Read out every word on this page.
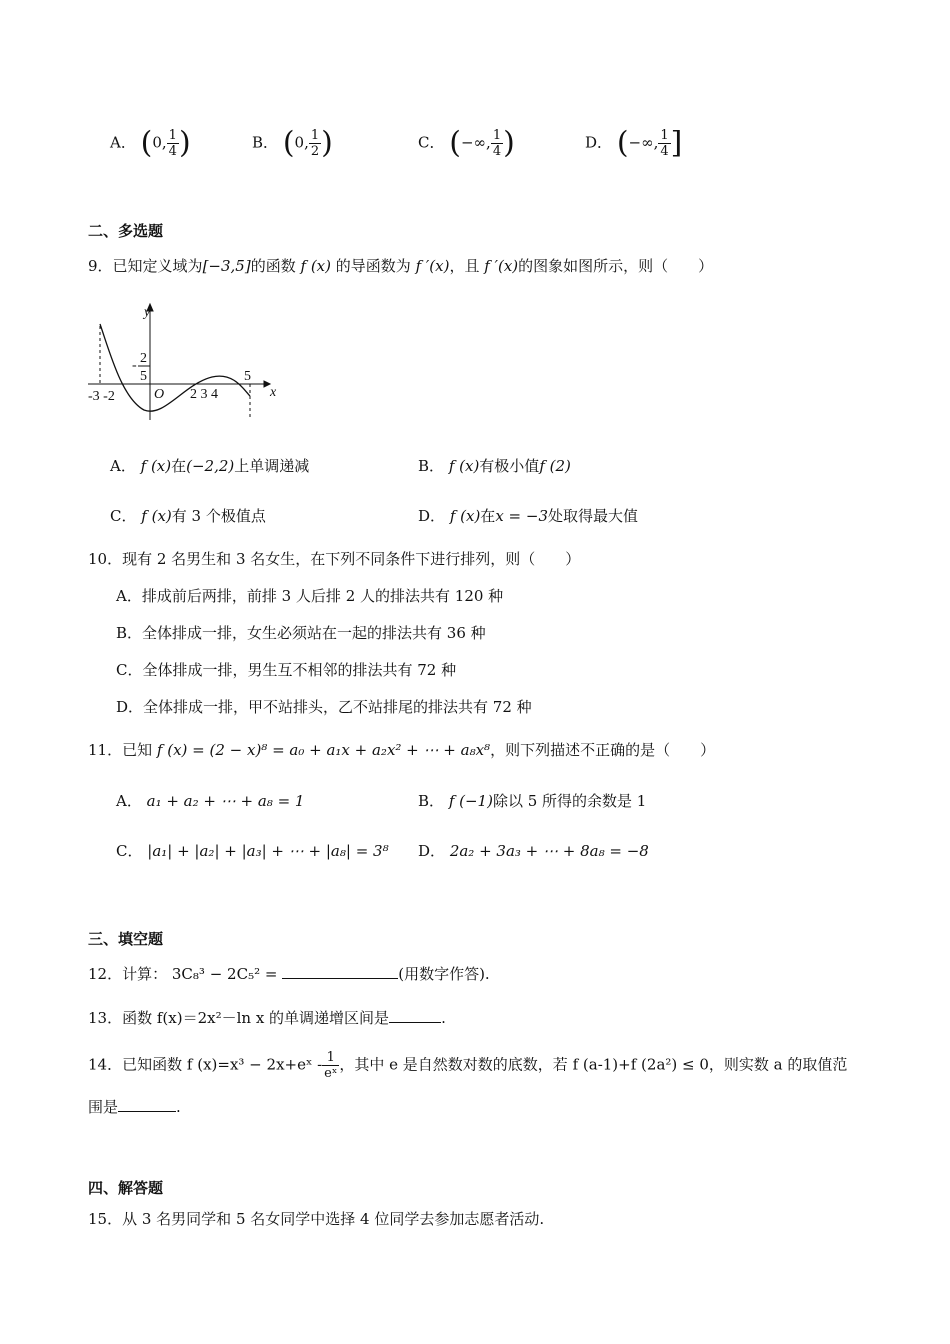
A． (0, $\frac{1}{4}$ )	B． (0, $\frac{1}{2}$ )	C． (−∞, $\frac{1}{4}$ )	D． (−∞, $\frac{1}{4}$ ]
二、多选题
9．已知定义域为[−3,5]的函数 f (x) 的导函数为 f ′(x)，且 f ′(x)的图象如图所示，则（　　）
y
x
O
- 2
5
-3 -2	2 3 4
5
A． f (x)在(−2,2)上单调递减	B． f (x)有极小值f (2)
C． f (x)有 3 个极值点	D． f (x)在x = −3处取得最大值
10．现有 2 名男生和 3 名女生，在下列不同条件下进行排列，则（　　）
A．排成前后两排，前排 3 人后排 2 人的排法共有 120 种
B．全体排成一排，女生必须站在一起的排法共有 36 种
C．全体排成一排，男生互不相邻的排法共有 72 种
D．全体排成一排，甲不站排头，乙不站排尾的排法共有 72 种
11．已知 f (x) = (2 − x)⁸ = a₀ + a₁x + a₂x² + ⋯ + a₈x⁸，则下列描述不正确的是（　　）
A． a₁ + a₂ + ⋯ + a₈ = 1	B． f (−1)除以 5 所得的余数是 1
C． |a₁| + |a₂| + |a₃| + ⋯ + |a₈| = 3⁸ D． 2a₂ + 3a₃ + ⋯ + 8a₈ = −8
三、填空题
12．计算： 3C₈³ − 2C₅² =	(用数字作答).
13．函数 f(x)＝2x²－ln x 的单调递增区间是	.
14．已知函数 f (x)=x³ − 2x+eˣ - $\frac{1}{\text{eˣ}}$ ，其中 e 是自然数对数的底数，若 f (a-1)+f (2a²) ≤ 0，则实数 a 的取值范
围是	.
四、解答题
15．从 3 名男同学和 5 名女同学中选择 4 位同学去参加志愿者活动.
